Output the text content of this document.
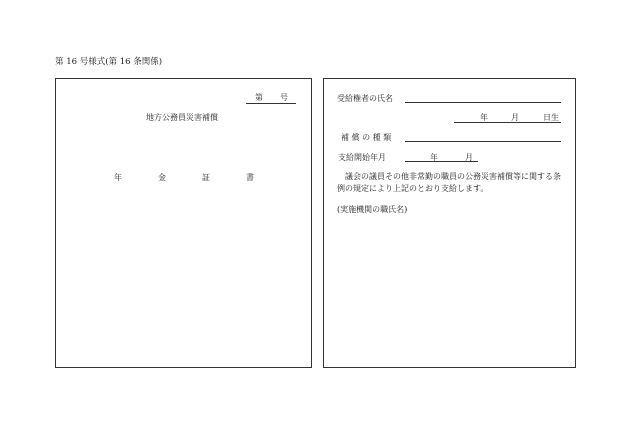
第 16 号様式(第 16 条関係)
第 号
地方公務員災害補償
年	金	証	書
受給権者の氏名
年	月	日生
補 償 の 種 類
支給開始年月	年	月
議会の議員その他非常勤の職員の公務災害補償等に関する条例の規定により上記のとおり支給します。
(実施機関の職氏名)
